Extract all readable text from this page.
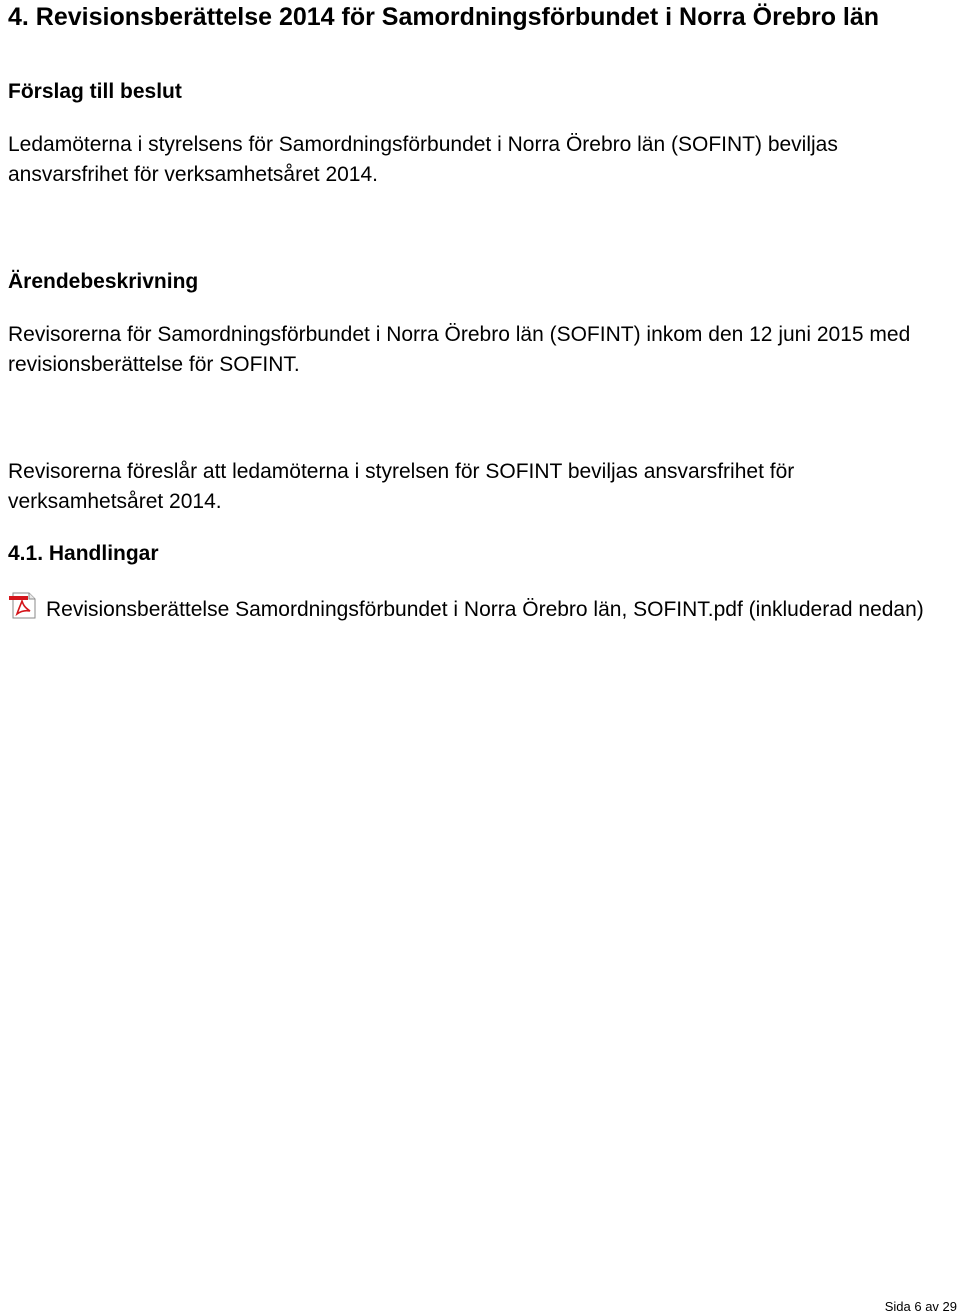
4. Revisionsberättelse 2014 för Samordningsförbundet i Norra Örebro län
Förslag till beslut

Ledamöterna i styrelsens för Samordningsförbundet i Norra Örebro län (SOFINT) beviljas ansvarsfrihet för verksamhetsåret 2014.

Ärendebeskrivning

Revisorerna för Samordningsförbundet i Norra Örebro län (SOFINT) inkom den 12 juni 2015 med revisionsberättelse för SOFINT.

Revisorerna föreslår att ledamöterna i styrelsen för SOFINT beviljas ansvarsfrihet för verksamhetsåret 2014.

4.1. Handlingar

Revisionsberättelse Samordningsförbundet i Norra Örebro län, SOFINT.pdf (inkluderad nedan)

Sida 6 av 29
